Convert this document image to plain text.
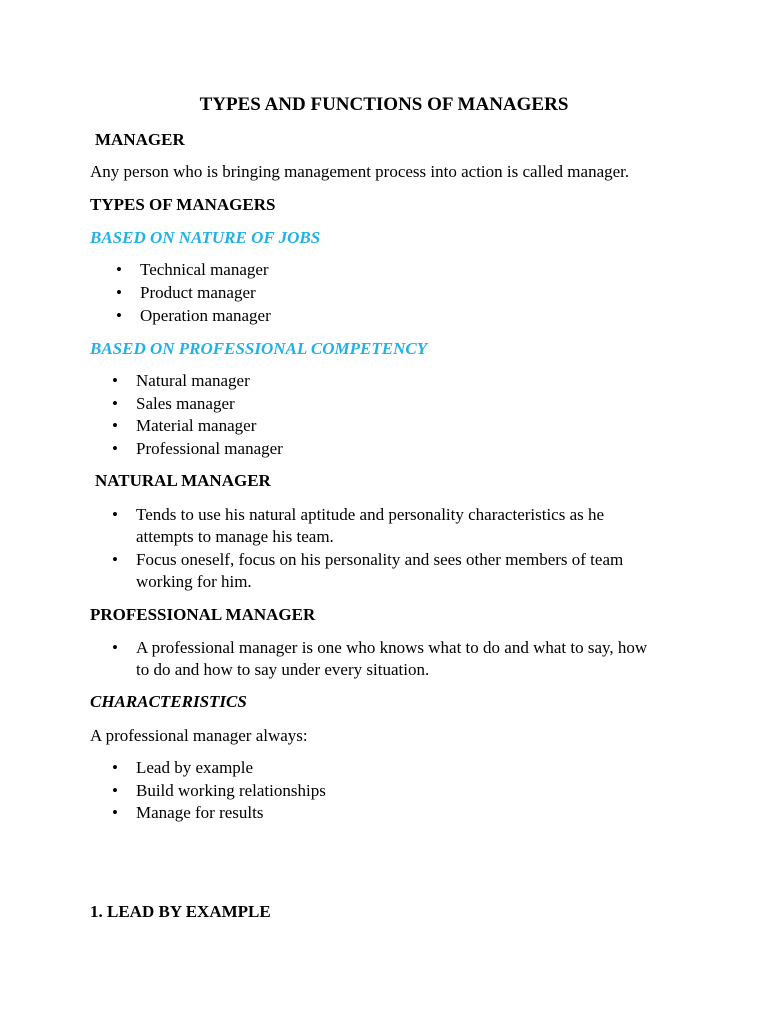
TYPES AND FUNCTIONS OF MANAGERS
MANAGER
Any person who is bringing management process into action is called manager.
TYPES OF MANAGERS
BASED ON NATURE OF JOBS
• Technical manager
• Product manager
• Operation manager
BASED ON PROFESSIONAL COMPETENCY
• Natural manager
• Sales manager
• Material manager
• Professional manager
NATURAL MANAGER
• Tends to use his natural aptitude and personality characteristics as he
attempts to manage his team.
• Focus oneself, focus on his personality and sees other members of team
working for him.
PROFESSIONAL MANAGER
• A professional manager is one who knows what to do and what to say, how
to do and how to say under every situation.
CHARACTERISTICS
A professional manager always:
• Lead by example
• Build working relationships
• Manage for results
1. LEAD BY EXAMPLE
